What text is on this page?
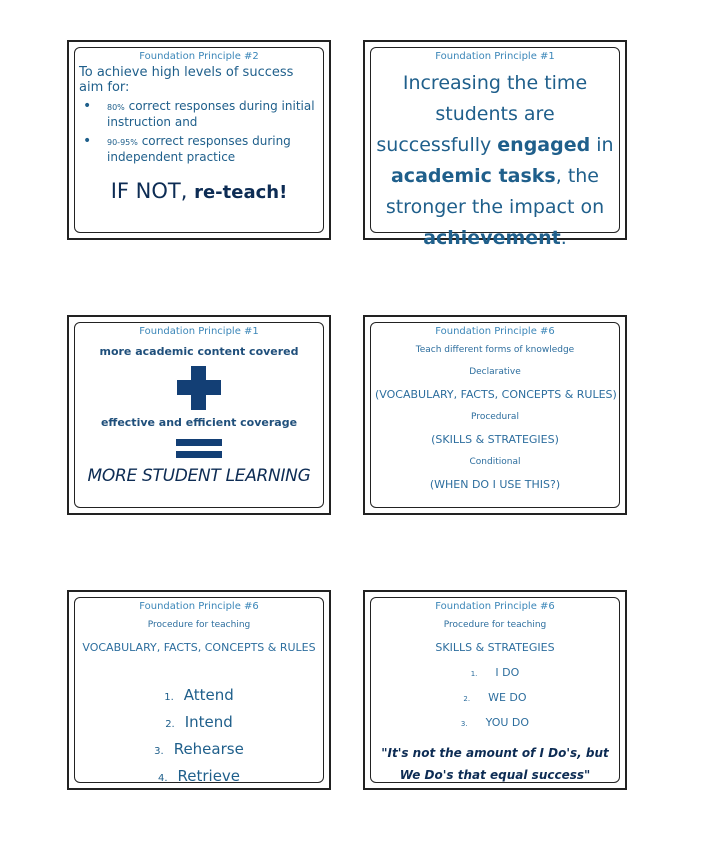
Foundation Principle #2
To achieve high levels of success aim for:
• 80% correct responses during initial instruction and
• 90-95% correct responses during independent practice
IF NOT, re-teach!
Foundation Principle #1
Increasing the time students are successfully engaged in academic tasks, the stronger the impact on achievement.
Foundation Principle #1
more academic content covered
effective and efficient coverage
MORE STUDENT LEARNING
Foundation Principle #6
Teach different forms of knowledge
Declarative
(VOCABULARY, FACTS, CONCEPTS & RULES)
Procedural
(SKILLS & STRATEGIES)
Conditional
(WHEN DO I USE THIS?)
Foundation Principle #6
Procedure for teaching
VOCABULARY, FACTS, CONCEPTS & RULES
1. Attend
2. Intend
3. Rehearse
4. Retrieve
Foundation Principle #6
Procedure for teaching
SKILLS & STRATEGIES
1. I DO
2. WE DO
3. YOU DO
"It's not the amount of I Do's, but We Do's that equal success"
